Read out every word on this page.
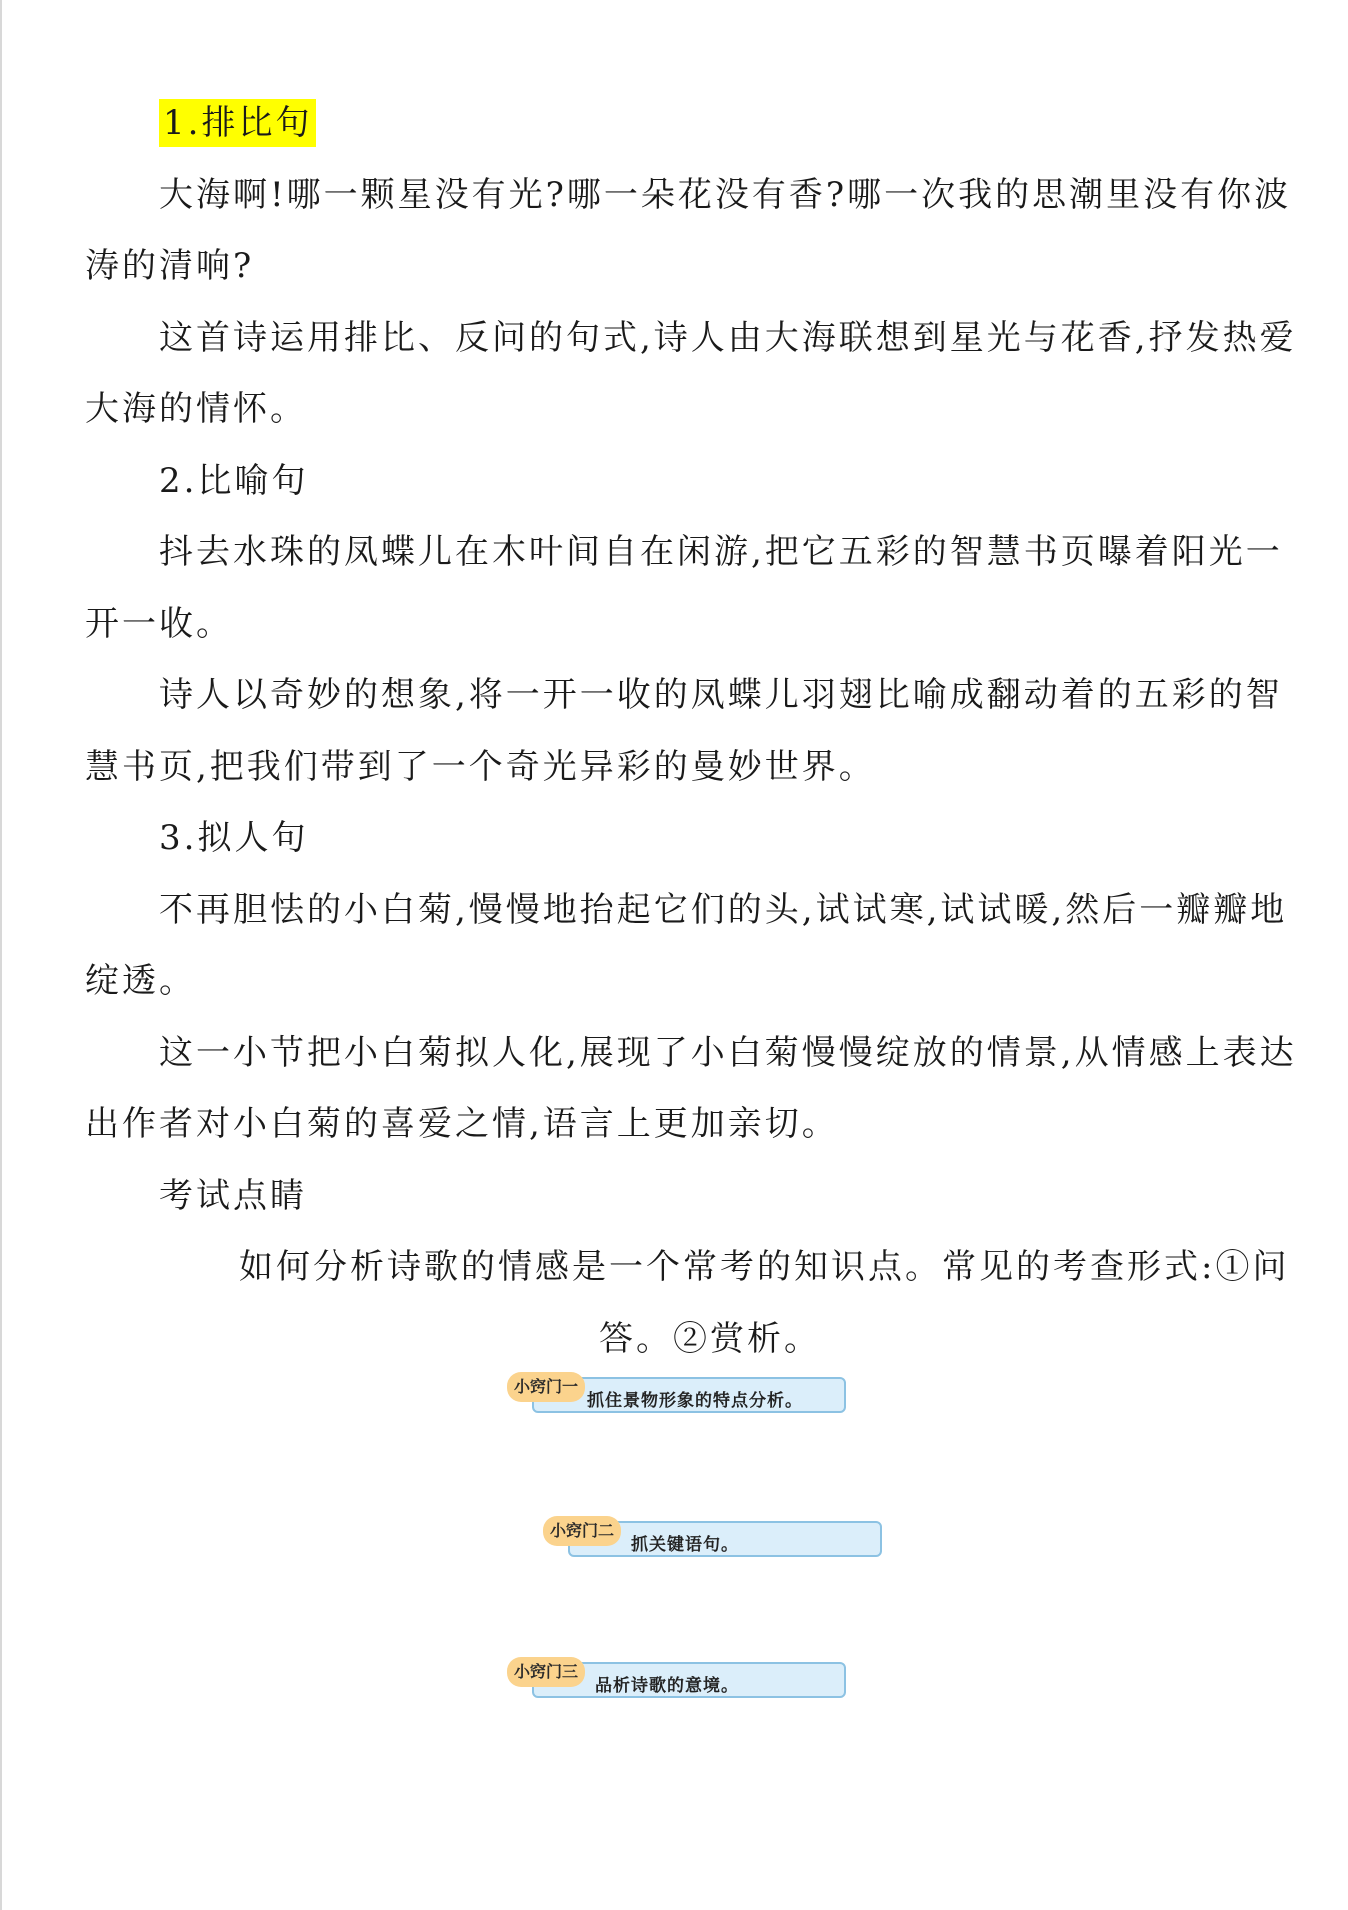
1.排比句
大海啊!哪一颗星没有光?哪一朵花没有香?哪一次我的思潮里没有你波
涛的清响?
这首诗运用排比、反问的句式,诗人由大海联想到星光与花香,抒发热爱
大海的情怀。
2.比喻句
抖去水珠的凤蝶儿在木叶间自在闲游,把它五彩的智慧书页曝着阳光一
开一收。
诗人以奇妙的想象,将一开一收的凤蝶儿羽翅比喻成翻动着的五彩的智
慧书页,把我们带到了一个奇光异彩的曼妙世界。
3.拟人句
不再胆怯的小白菊,慢慢地抬起它们的头,试试寒,试试暖,然后一瓣瓣地
绽透。
这一小节把小白菊拟人化,展现了小白菊慢慢绽放的情景,从情感上表达
出作者对小白菊的喜爱之情,语言上更加亲切。
考试点睛
如何分析诗歌的情感是一个常考的知识点。常见的考查形式:①问
答。②赏析。
抓住景物形象的特点分析。
小窍门一
抓关键语句。
小窍门二
品析诗歌的意境。
小窍门三
